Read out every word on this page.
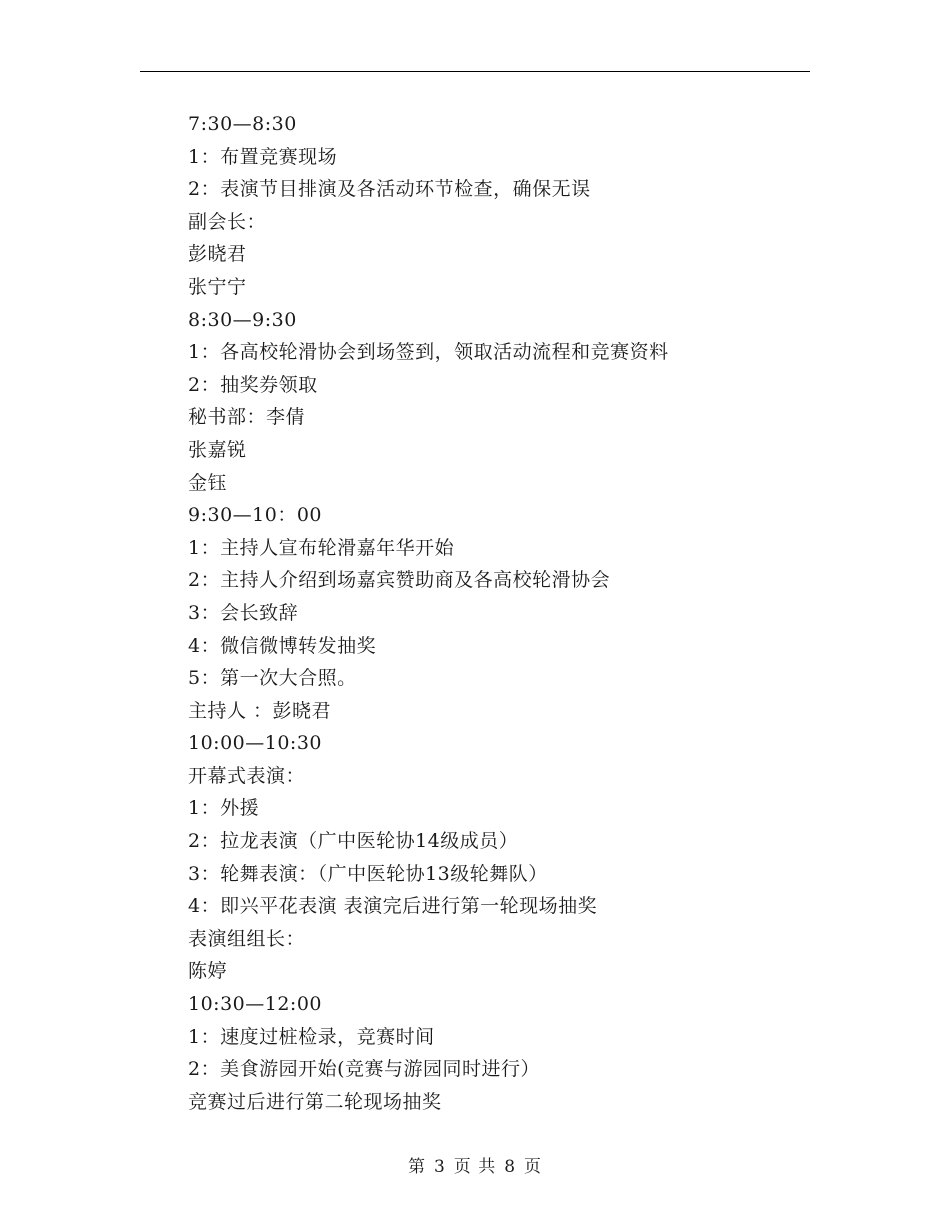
7:30—8:30
1：布置竞赛现场
2：表演节目排演及各活动环节检查，确保无误
副会长：
彭晓君
张宁宁
8:30—9:30
1：各高校轮滑协会到场签到，领取活动流程和竞赛资料
2：抽奖券领取
秘书部：李倩
张嘉锐
金钰
9:30—10：00
1：主持人宣布轮滑嘉年华开始
2：主持人介绍到场嘉宾赞助商及各高校轮滑协会
3：会长致辞
4：微信微博转发抽奖
5：第一次大合照。
主持人 ：彭晓君
10:00—10:30
开幕式表演：
1：外援
2：拉龙表演（广中医轮协14级成员）
3：轮舞表演：（广中医轮协13级轮舞队）
4：即兴平花表演 表演完后进行第一轮现场抽奖
表演组组长：
陈婷
10:30—12:00
1：速度过桩检录，竞赛时间
2：美食游园开始(竞赛与游园同时进行）
竞赛过后进行第二轮现场抽奖
第 3 页 共 8 页
